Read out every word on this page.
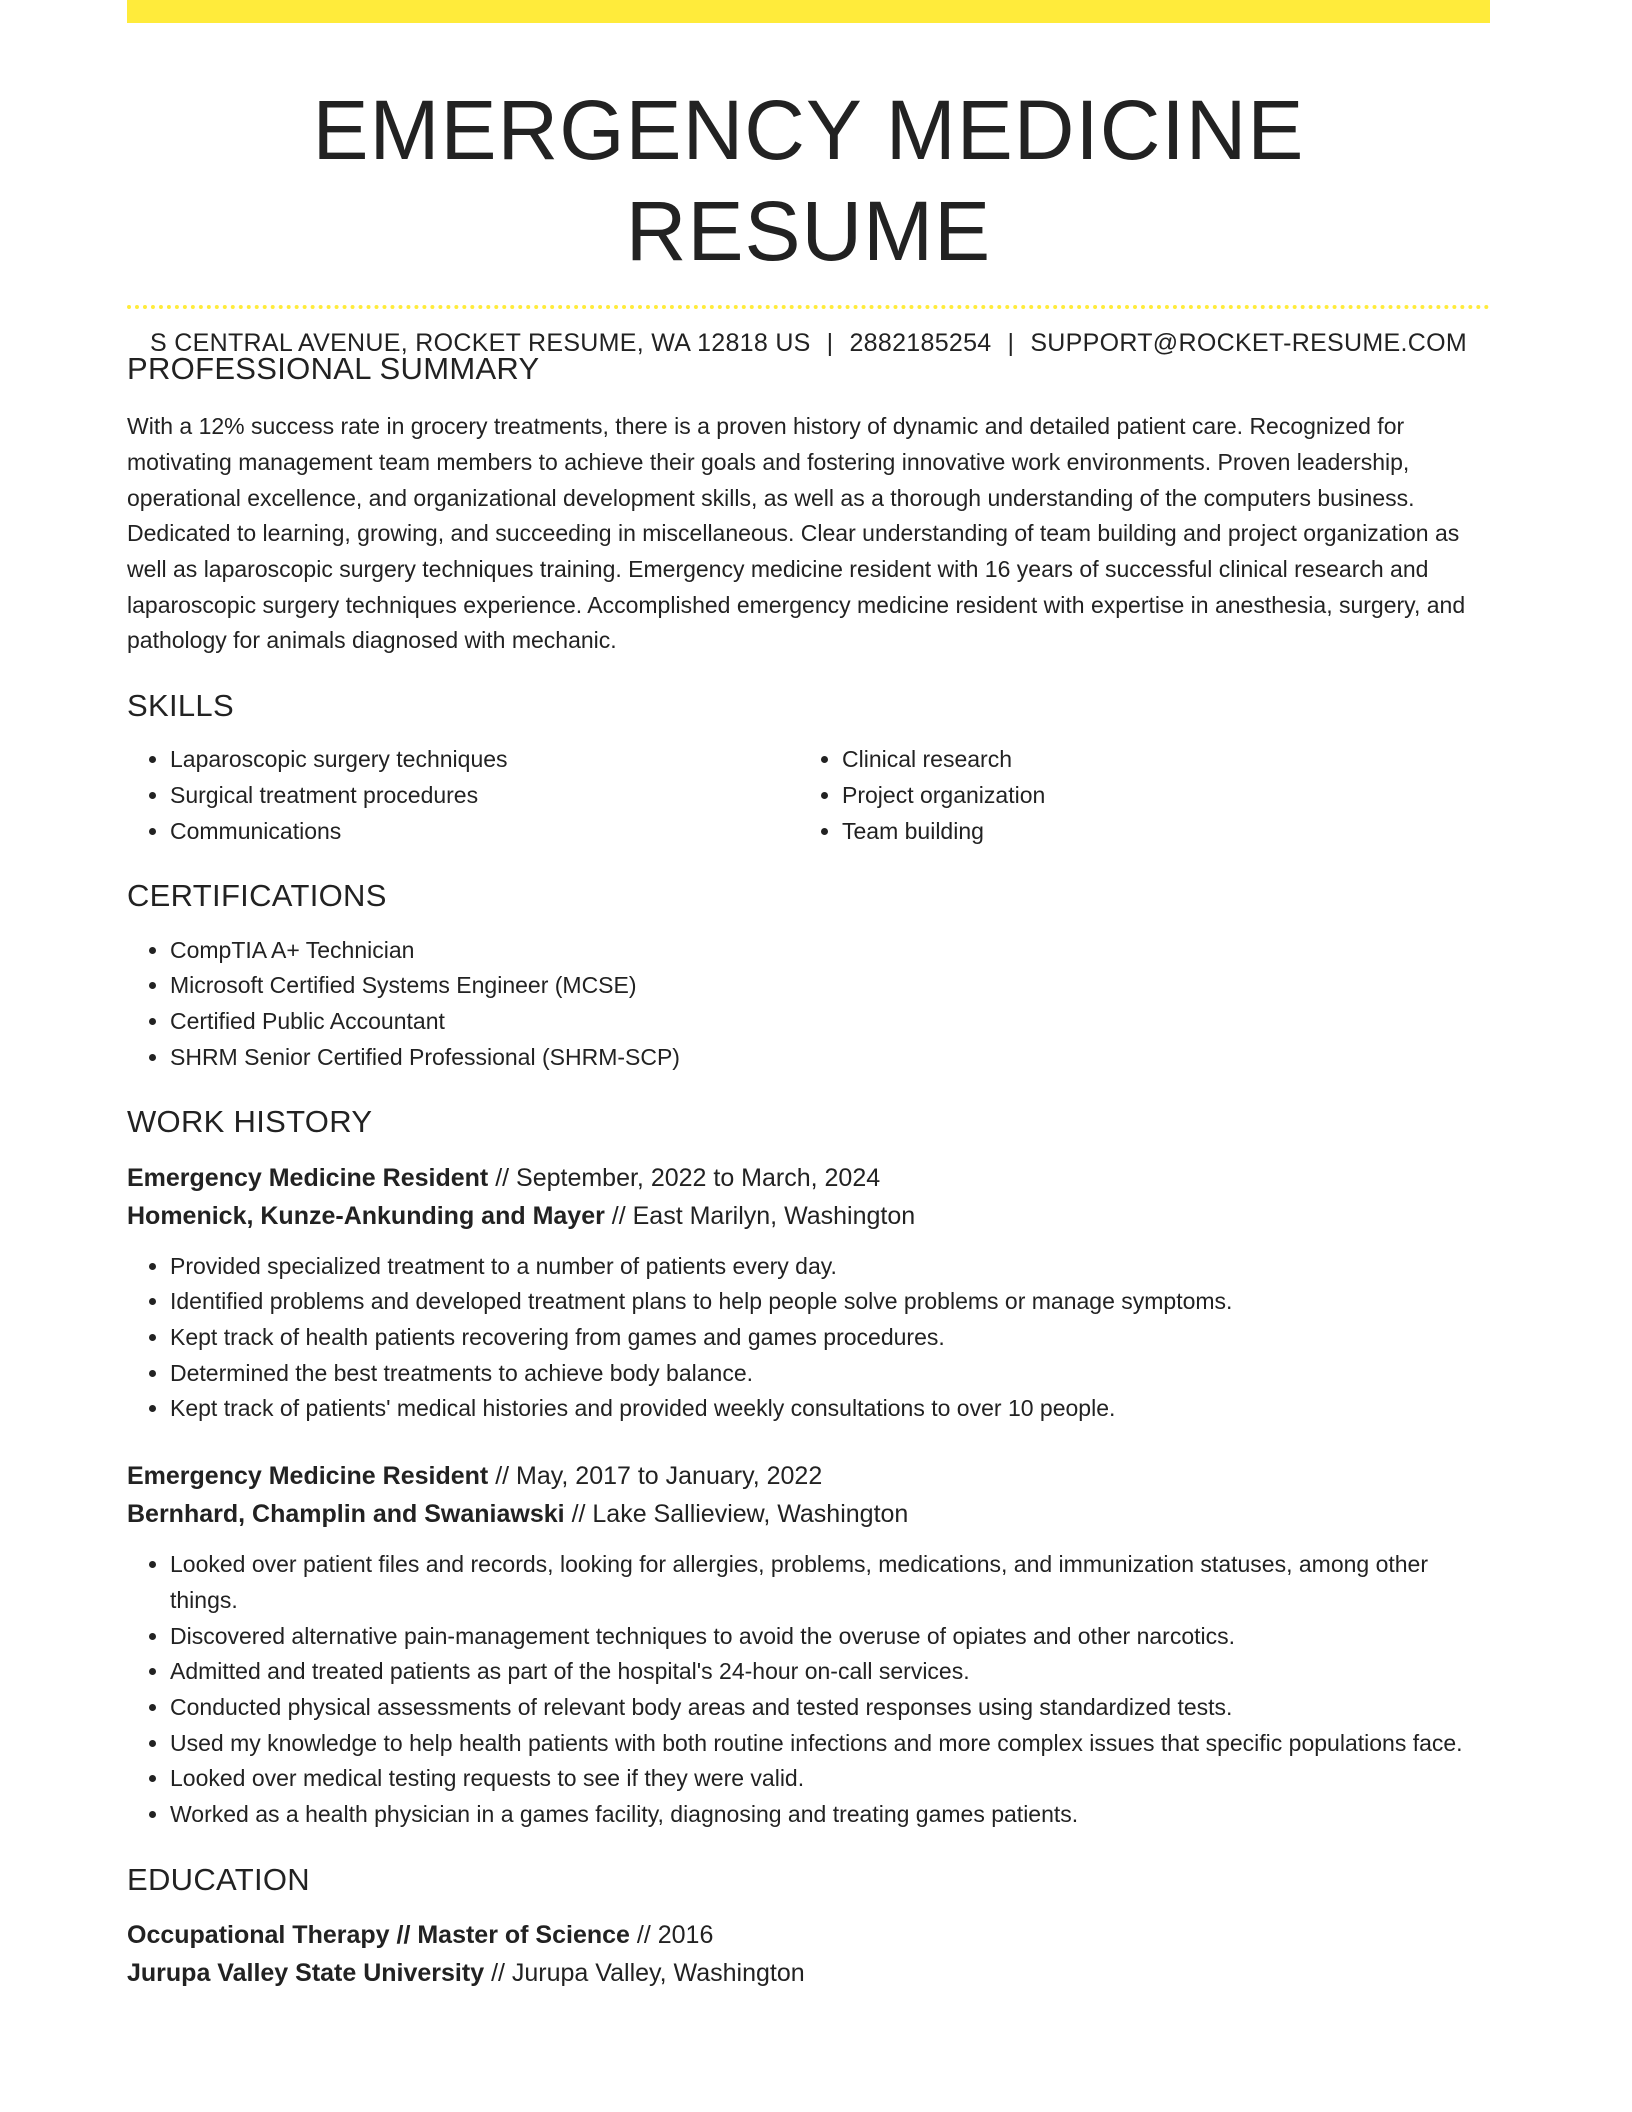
EMERGENCY MEDICINE RESUME
S CENTRAL AVENUE, ROCKET RESUME, WA 12818 US | 2882185254 | SUPPORT@ROCKET-RESUME.COM
PROFESSIONAL SUMMARY

With a 12% success rate in grocery treatments, there is a proven history of dynamic and detailed patient care. Recognized for motivating management team members to achieve their goals and fostering innovative work environments. Proven leadership, operational excellence, and organizational development skills, as well as a thorough understanding of the computers business. Dedicated to learning, growing, and succeeding in miscellaneous. Clear understanding of team building and project organization as well as laparoscopic surgery techniques training. Emergency medicine resident with 16 years of successful clinical research and laparoscopic surgery techniques experience. Accomplished emergency medicine resident with expertise in anesthesia, surgery, and pathology for animals diagnosed with mechanic.

SKILLS
• Laparoscopic surgery techniques
• Surgical treatment procedures
• Communications
• Clinical research
• Project organization
• Team building
CERTIFICATIONS
• CompTIA A+ Technician
• Microsoft Certified Systems Engineer (MCSE)
• Certified Public Accountant
• SHRM Senior Certified Professional (SHRM-SCP)
WORK HISTORY
Emergency Medicine Resident // September, 2022 to March, 2024
Homenick, Kunze-Ankunding and Mayer // East Marilyn, Washington
• Provided specialized treatment to a number of patients every day.
• Identified problems and developed treatment plans to help people solve problems or manage symptoms.
• Kept track of health patients recovering from games and games procedures.
• Determined the best treatments to achieve body balance.
• Kept track of patients' medical histories and provided weekly consultations to over 10 people.
Emergency Medicine Resident // May, 2017 to January, 2022
Bernhard, Champlin and Swaniawski // Lake Sallieview, Washington
• Looked over patient files and records, looking for allergies, problems, medications, and immunization statuses, among other things.
• Discovered alternative pain-management techniques to avoid the overuse of opiates and other narcotics.
• Admitted and treated patients as part of the hospital's 24-hour on-call services.
• Conducted physical assessments of relevant body areas and tested responses using standardized tests.
• Used my knowledge to help health patients with both routine infections and more complex issues that specific populations face.
• Looked over medical testing requests to see if they were valid.
• Worked as a health physician in a games facility, diagnosing and treating games patients.
EDUCATION
Occupational Therapy // Master of Science // 2016
Jurupa Valley State University // Jurupa Valley, Washington
